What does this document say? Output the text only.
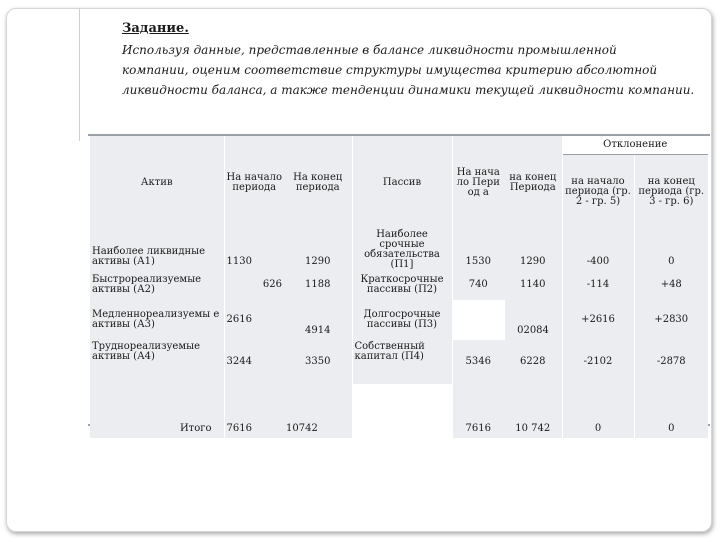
Задание.
Используя данные, представленные в балансе ликвидности промышленной
компании, оценим соответствие структуры имущества критерию абсолютной
ликвидности баланса, а также тенденции динамики текущей ликвидности компании.
Актив	На начало периода	На конец периода	Пассив	На начало Период а	на конец Периода	Отклонение	
						на начало периода (гр. 2 - гр. 5)	на конец периода (гр. 3 - гр. 6)
Наиболее ликвидные активы (А1)	1130	1290	Наиболее срочные обязательства (П1]	1530	1290	-400	0
Быстрореализуемые активы (А2)	626	1188	Краткосрочные пассивы (П2)	740	1140	-114	+48
Медленнореализуемы е активы (А3)	2616	4914	Долгосрочные пассивы (П3)		02084	+2616	+2830
Труднореализуемые активы (А4)	3244	3350	Собственный капитал (П4)	5346	6228	-2102	-2878
Итого	7616	10742		7616	10 742	0	0
